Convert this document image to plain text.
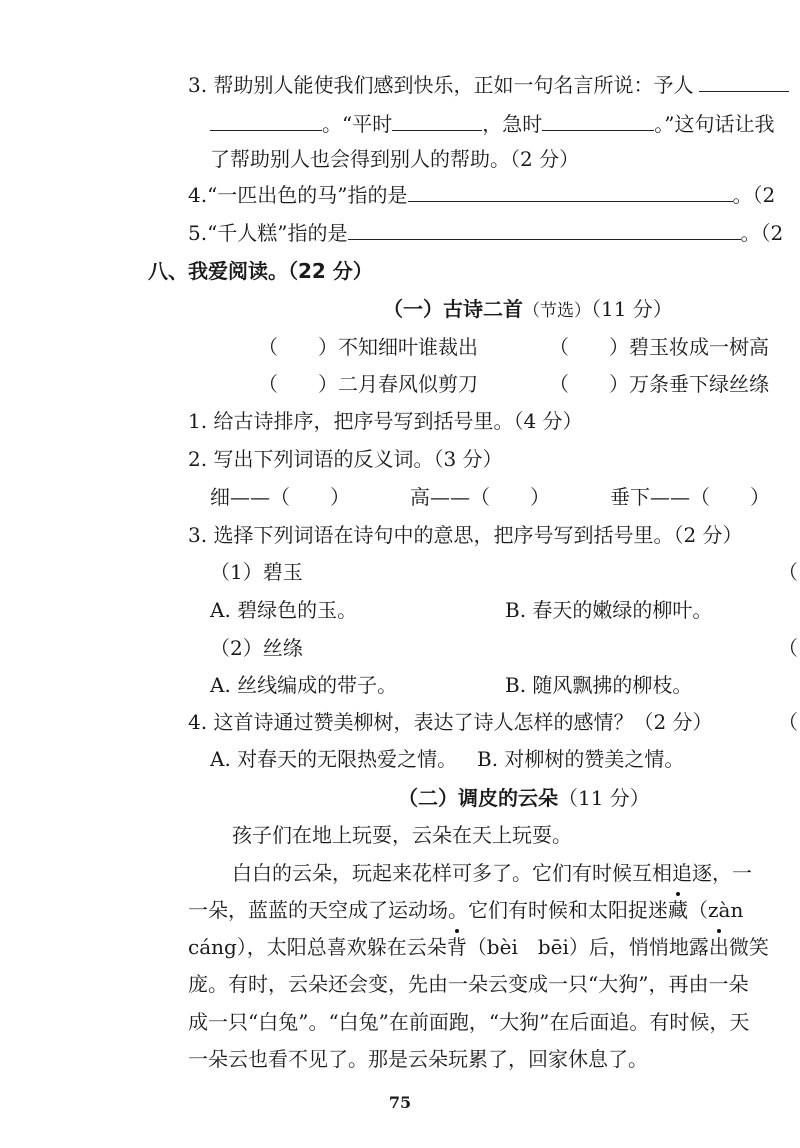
3. 帮助别人能使我们感到快乐，正如一句名言所说：予人
。“平时	，急时	。”这句话让我
了帮助别人也会得到别人的帮助。（2 分）
4.“一匹出色的马”指的是	。（2
5.“千人糕”指的是	。（2
八、我爱阅读。（22 分）
（一）古诗二首（节选）（11 分）
（　　）不知细叶谁裁出	（　　）碧玉妆成一树高
（　　）二月春风似剪刀	（　　）万条垂下绿丝绦
1. 给古诗排序，把序号写到括号里。（4 分）
2. 写出下列词语的反义词。（3 分）
细——（　　）	高——（　　）	垂下——（　　）
3. 选择下列词语在诗句中的意思，把序号写到括号里。（2 分）
（1）碧玉	（
A. 碧绿色的玉。	B. 春天的嫩绿的柳叶。
（2）丝绦	（
A. 丝线编成的带子。	B. 随风飘拂的柳枝。
4. 这首诗通过赞美柳树，表达了诗人怎样的感情？（2 分）	（
A. 对春天的无限热爱之情。 B. 对柳树的赞美之情。
（二）调皮的云朵（11 分）
孩子们在地上玩耍，云朵在天上玩耍。
白白的云朵，玩起来花样可多了。它们有时候互相追逐，一
一朵，蓝蓝的天空成了运动场。它们有时候和太阳捉迷藏（zàn
cáng），太阳总喜欢躲在云朵背（bèi　bēi）后，悄悄地露出微笑
庞。有时，云朵还会变，先由一朵云变成一只“大狗”，再由一朵
成一只“白兔”。“白兔”在前面跑，“大狗”在后面追。有时候，天
一朵云也看不见了。那是云朵玩累了，回家休息了。
75
